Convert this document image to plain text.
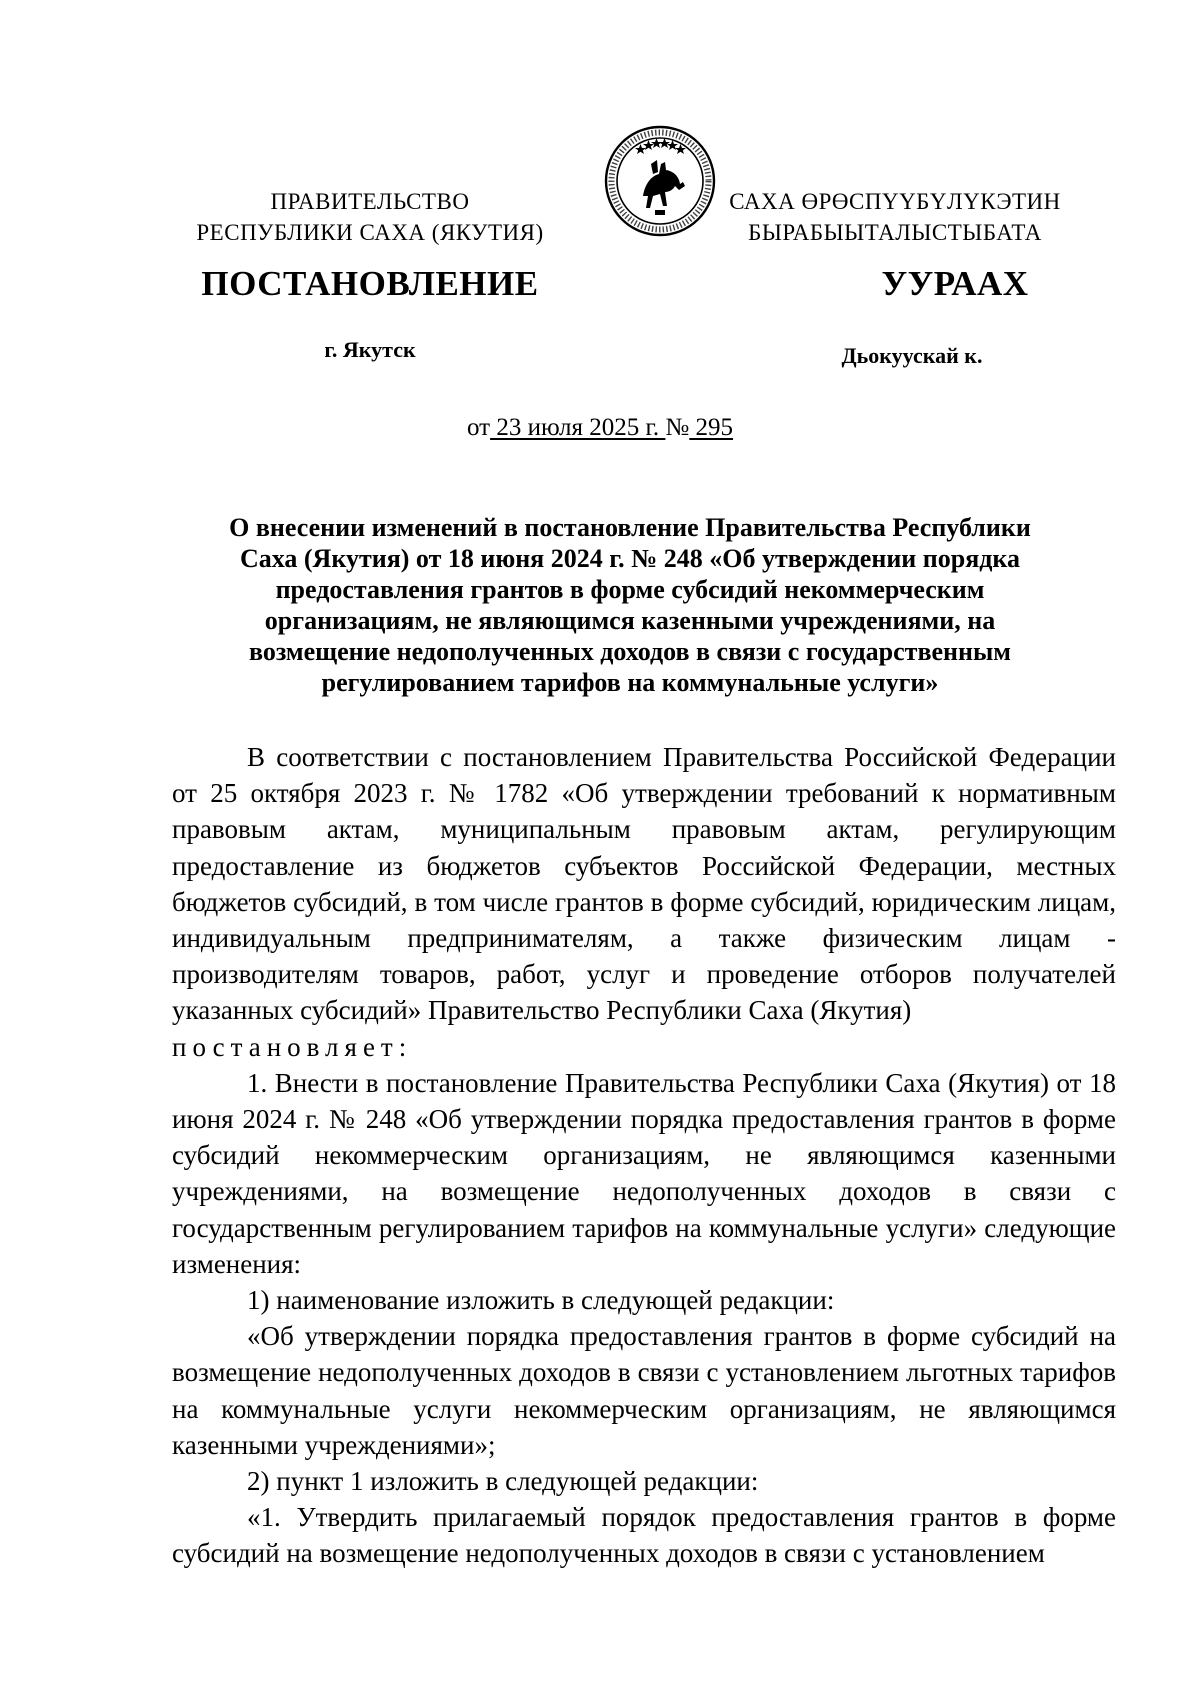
ПРАВИТЕЛЬСТВО
РЕСПУБЛИКИ САХА (ЯКУТИЯ)
САХА ӨРӨСПҮҮБҮЛҮКЭТИН
БЫРАБЫЫТАЛЫСТЫБАТА
ПОСТАНОВЛЕНИЕ	УУРААХ
г. Якутск	Дьокуускай к.
от 23 июля 2025 г. № 295
О внесении изменений в постановление Правительства Республики
Саха (Якутия) от 18 июня 2024 г. № 248 «Об утверждении порядка
предоставления грантов в форме субсидий некоммерческим
организациям, не являющимся казенными учреждениями, на
возмещение недополученных доходов в связи с государственным
регулированием тарифов на коммунальные услуги»

В соответствии с постановлением Правительства Российской Федерации от 25 октября 2023 г. № 1782 «Об утверждении требований к нормативным правовым актам, муниципальным правовым актам, регулирующим предоставление из бюджетов субъектов Российской Федерации, местных бюджетов субсидий, в том числе грантов в форме субсидий, юридическим лицам, индивидуальным предпринимателям, а также физическим лицам - производителям товаров, работ, услуг и проведение отборов получателей указанных субсидий» Правительство Республики Саха (Якутия)

постановляет:

1. Внести в постановление Правительства Республики Саха (Якутия) от 18 июня 2024 г. № 248 «Об утверждении порядка предоставления грантов в форме субсидий некоммерческим организациям, не являющимся казенными учреждениями, на возмещение недополученных доходов в связи с государственным регулированием тарифов на коммунальные услуги» следующие изменения:

1) наименование изложить в следующей редакции:

«Об утверждении порядка предоставления грантов в форме субсидий на возмещение недополученных доходов в связи с установлением льготных тарифов на коммунальные услуги некоммерческим организациям, не являющимся казенными учреждениями»;

2) пункт 1 изложить в следующей редакции:

«1. Утвердить прилагаемый порядок предоставления грантов в форме субсидий на возмещение недополученных доходов в связи с установлением
